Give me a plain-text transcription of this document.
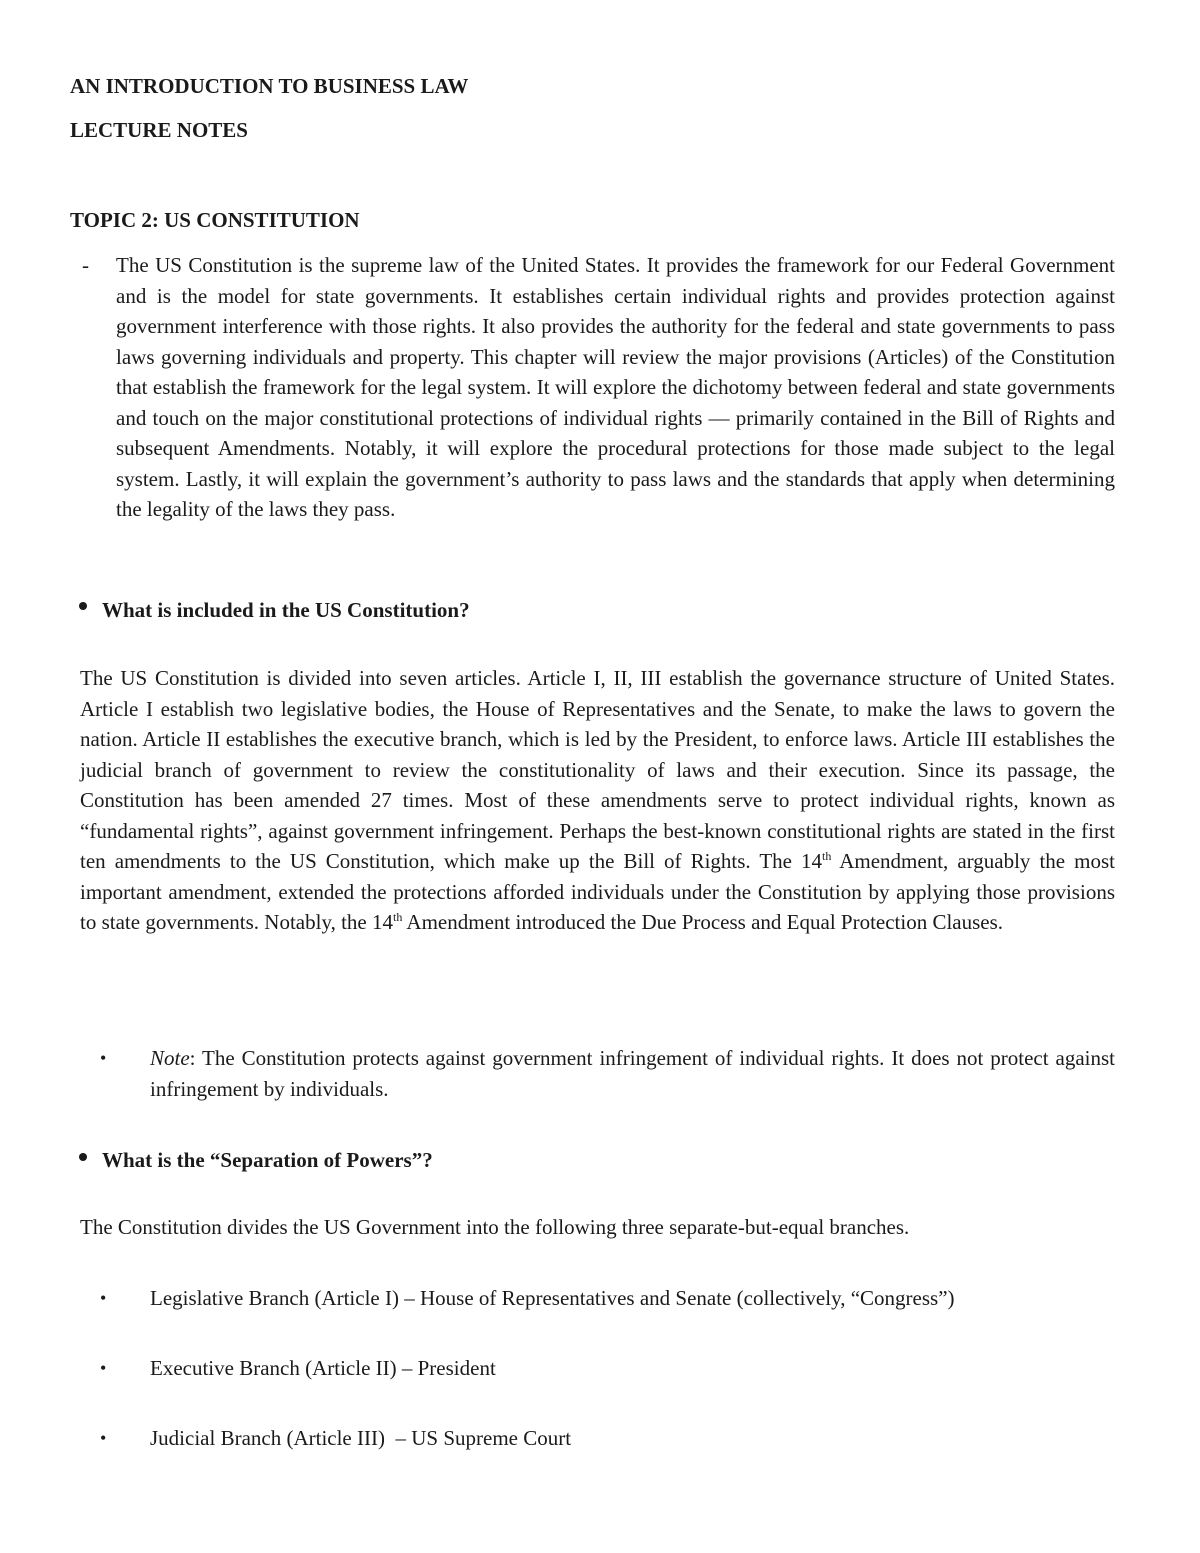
AN INTRODUCTION TO BUSINESS LAW
LECTURE NOTES
TOPIC 2: US CONSTITUTION
- The US Constitution is the supreme law of the United States. It provides the framework for our Federal Government and is the model for state governments. It establishes certain individual rights and provides protection against government interference with those rights. It also provides the authority for the federal and state governments to pass laws governing individuals and property. This chapter will review the major provisions (Articles) of the Constitution that establish the framework for the legal system. It will explore the dichotomy between federal and state governments and touch on the major constitutional protections of individual rights — primarily contained in the Bill of Rights and subsequent Amendments. Notably, it will explore the procedural protections for those made subject to the legal system. Lastly, it will explain the government’s authority to pass laws and the standards that apply when determining the legality of the laws they pass.
What is included in the US Constitution?
The US Constitution is divided into seven articles. Article I, II, III establish the governance structure of United States. Article I establish two legislative bodies, the House of Representatives and the Senate, to make the laws to govern the nation. Article II establishes the executive branch, which is led by the President, to enforce laws. Article III establishes the judicial branch of government to review the constitutionality of laws and their execution. Since its passage, the Constitution has been amended 27 times. Most of these amendments serve to protect individual rights, known as “fundamental rights”, against government infringement. Perhaps the best-known constitutional rights are stated in the first ten amendments to the US Constitution, which make up the Bill of Rights. The 14th Amendment, arguably the most important amendment, extended the protections afforded individuals under the Constitution by applying those provisions to state governments. Notably, the 14th Amendment introduced the Due Process and Equal Protection Clauses.
• Note: The Constitution protects against government infringement of individual rights. It does not protect against infringement by individuals.
What is the “Separation of Powers”?
The Constitution divides the US Government into the following three separate-but-equal branches.
• Legislative Branch (Article I) – House of Representatives and Senate (collectively, “Congress”)
• Executive Branch (Article II) – President
• Judicial Branch (Article III)  – US Supreme Court
